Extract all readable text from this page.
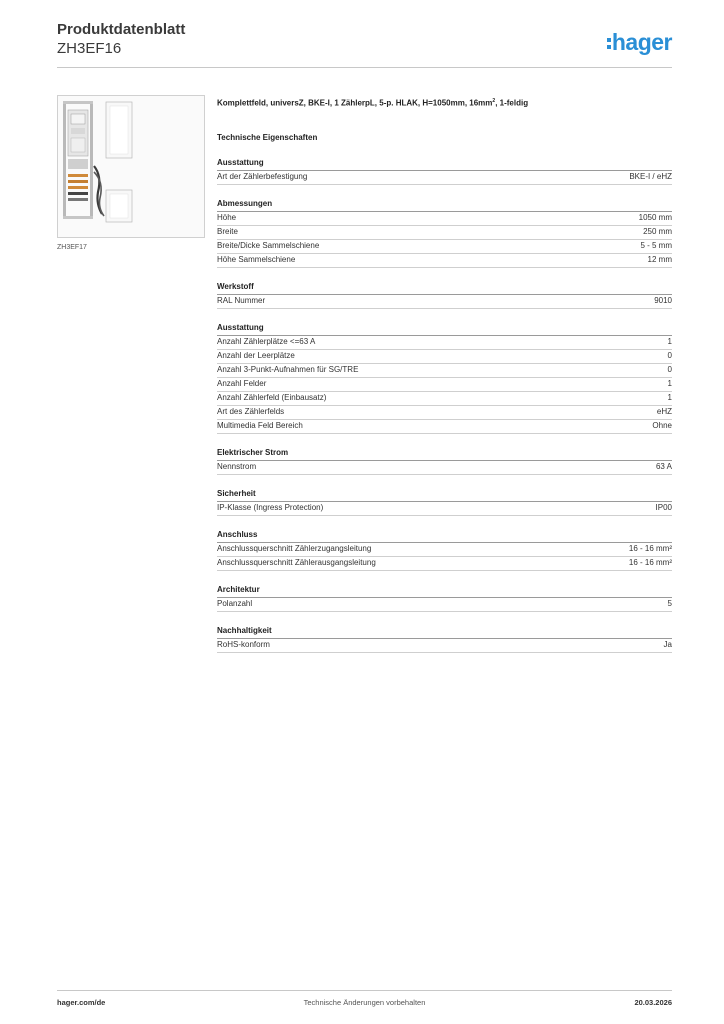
Produktdatenblatt
ZH3EF16	hager
ZH3EF17
Komplettfeld, universZ, BKE-I, 1 ZählerpL, 5-p. HLAK, H=1050mm, $16mm^2$, 1-feldig
Technische Eigenschaften
Ausstattung
Art der Zählerbefestigung	BKE-I / eHZ
Abmessungen
Höhe	1050 mm
Breite	250 mm
Breite/Dicke Sammelschiene	5 - 5 mm
Höhe Sammelschiene	12 mm
Werkstoff
RAL Nummer	9010
Ausstattung
Anzahl Zählerplätze <=63 A	1
Anzahl der Leerplätze	0
Anzahl 3-Punkt-Aufnahmen für SG/TRE	0
Anzahl Felder	1
Anzahl Zählerfeld (Einbausatz)	1
Art des Zählerfelds	eHZ
Multimedia Feld Bereich	Ohne
Elektrischer Strom
Nennstrom	63 A
Sicherheit
IP-Klasse (Ingress Protection)	IP00
Anschluss
Anschlussquerschnitt Zählerzugangsleitung	16 - 16 mm²
Anschlussquerschnitt Zählerausgangsleitung	16 - 16 mm²
Architektur
Polanzahl	5
Nachhaltigkeit
RoHS-konform	Ja
hager.com/de	Technische Änderungen vorbehalten	20.03.2026
